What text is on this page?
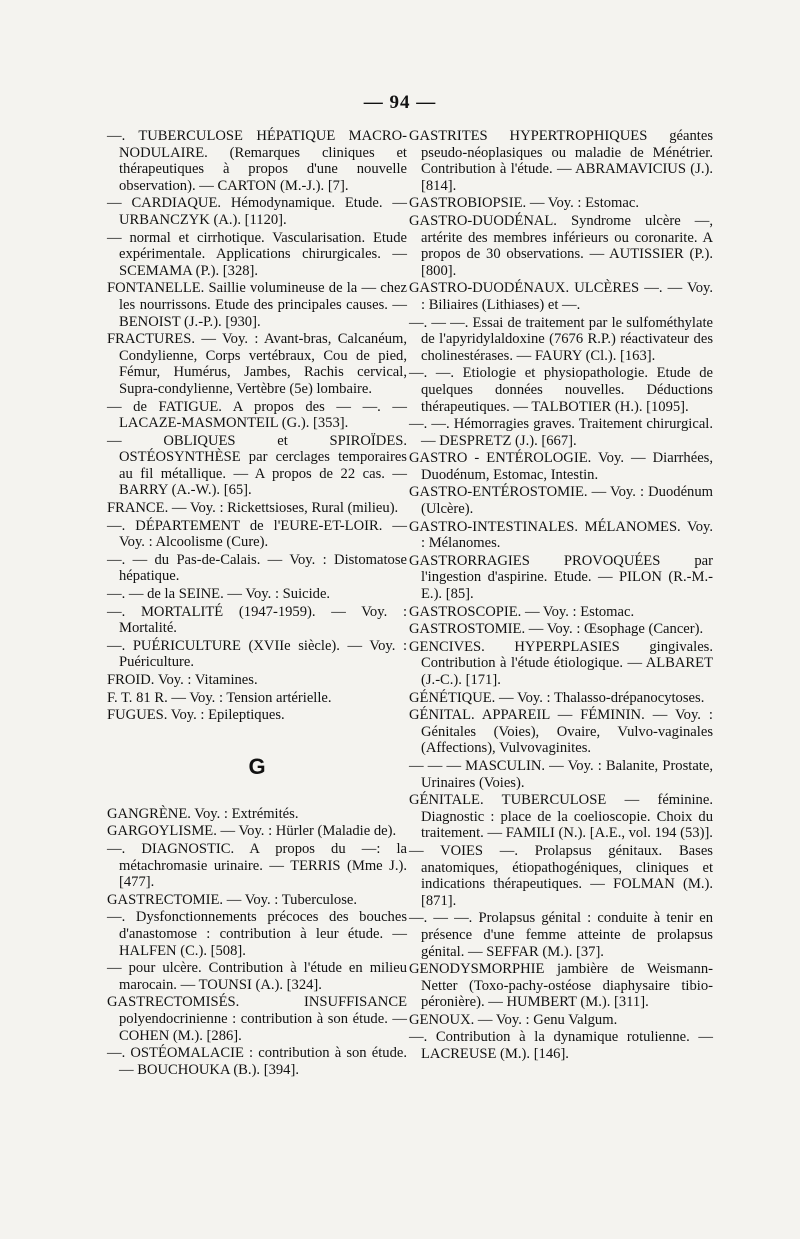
— 94 —

—. TUBERCULOSE HÉPATIQUE MACRO-NODULAIRE. (Remarques cliniques et thérapeutiques à propos d'une nouvelle observation). — CARTON (M.-J.). [7].

— CARDIAQUE. Hémodynamique. Etude. — URBANCZYK (A.). [1120].

— normal et cirrhotique. Vascularisation. Etude expérimentale. Applications chirurgicales. — SCEMAMA (P.). [328].

FONTANELLE. Saillie volumineuse de la — chez les nourrissons. Etude des principales causes. — BENOIST (J.-P.). [930].

FRACTURES. — Voy. : Avant-bras, Calcanéum, Condylienne, Corps vertébraux, Cou de pied, Fémur, Humérus, Jambes, Rachis cervical, Supra-condylienne, Vertèbre (5e) lombaire.

— de FATIGUE. A propos des — —. — LACAZE-MASMONTEIL (G.). [353].

— OBLIQUES et SPIROÏDES. OSTÉOSYNTHÈSE par cerclages temporaires au fil métallique. — A propos de 22 cas. — BARRY (A.-W.). [65].

FRANCE. — Voy. : Rickettsioses, Rural (milieu).

—. DÉPARTEMENT de l'EURE-ET-LOIR. — Voy. : Alcoolisme (Cure).

—. — du Pas-de-Calais. — Voy. : Distomatose hépatique.

—. — de la SEINE. — Voy. : Suicide.

—. MORTALITÉ (1947-1959). — Voy. : Mortalité.

—. PUÉRICULTURE (XVIIe siècle). — Voy. : Puériculture.

FROID. Voy. : Vitamines.

F. T. 81 R. — Voy. : Tension artérielle.

FUGUES. Voy. : Epileptiques.

G

GANGRÈNE. Voy. : Extrémités.

GARGOYLISME. — Voy. : Hürler (Maladie de).

—. DIAGNOSTIC. A propos du —: la métachromasie urinaire. — TERRIS (Mme J.). [477].

GASTRECTOMIE. — Voy. : Tuberculose.

—. Dysfonctionnements précoces des bouches d'anastomose : contribution à leur étude. — HALFEN (C.). [508].

— pour ulcère. Contribution à l'étude en milieu marocain. — TOUNSI (A.). [324].

GASTRECTOMISÉS. INSUFFISANCE polyendocrinienne : contribution à son étude. — COHEN (M.). [286].

—. OSTÉOMALACIE : contribution à son étude. — BOUCHOUKA (B.). [394].

GASTRITES HYPERTROPHIQUES géantes pseudo-néoplasiques ou maladie de Ménétrier. Contribution à l'étude. — ABRAMAVICIUS (J.). [814].

GASTROBIOPSIE. — Voy. : Estomac.

GASTRO-DUODÉNAL. Syndrome ulcère —, artérite des membres inférieurs ou coronarite. A propos de 30 observations. — AUTISSIER (P.). [800].

GASTRO-DUODÉNAUX. ULCÈRES —. — Voy. : Biliaires (Lithiases) et —.

—. — —. Essai de traitement par le sulfométhylate de l'apyridylaldoxine (7676 R.P.) réactivateur des cholinestérases. — FAURY (Cl.). [163].

—. —. Etiologie et physiopathologie. Etude de quelques données nouvelles. Déductions thérapeutiques. — TALBOTIER (H.). [1095].

—. —. Hémorragies graves. Traitement chirurgical. — DESPRETZ (J.). [667].

GASTRO - ENTÉROLOGIE. Voy. — Diarrhées, Duodénum, Estomac, Intestin.

GASTRO-ENTÉROSTOMIE. — Voy. : Duodénum (Ulcère).

GASTRO-INTESTINALES. MÉLANOMES. Voy. : Mélanomes.

GASTRORRAGIES PROVOQUÉES par l'ingestion d'aspirine. Etude. — PILON (R.-M.-E.). [85].

GASTROSCOPIE. — Voy. : Estomac.

GASTROSTOMIE. — Voy. : Œsophage (Cancer).

GENCIVES. HYPERPLASIES gingivales. Contribution à l'étude étiologique. — ALBARET (J.-C.). [171].

GÉNÉTIQUE. — Voy. : Thalasso-drépanocytoses.

GÉNITAL. APPAREIL — FÉMININ. — Voy. : Génitales (Voies), Ovaire, Vulvo-vaginales (Affections), Vulvovaginites.

— — — MASCULIN. — Voy. : Balanite, Prostate, Urinaires (Voies).

GÉNITALE. TUBERCULOSE — féminine. Diagnostic : place de la coelioscopie. Choix du traitement. — FAMILI (N.). [A.E., vol. 194 (53)].

— VOIES —. Prolapsus génitaux. Bases anatomiques, étiopathogéniques, cliniques et indications thérapeutiques. — FOLMAN (M.). [871].

—. — —. Prolapsus génital : conduite à tenir en présence d'une femme atteinte de prolapsus génital. — SEFFAR (M.). [37].

GENODYSMORPHIE jambière de Weismann-Netter (Toxo-pachy-ostéose diaphysaire tibio-péronière). — HUMBERT (M.). [311].

GENOUX. — Voy. : Genu Valgum.

—. Contribution à la dynamique rotulienne. — LACREUSE (M.). [146].
